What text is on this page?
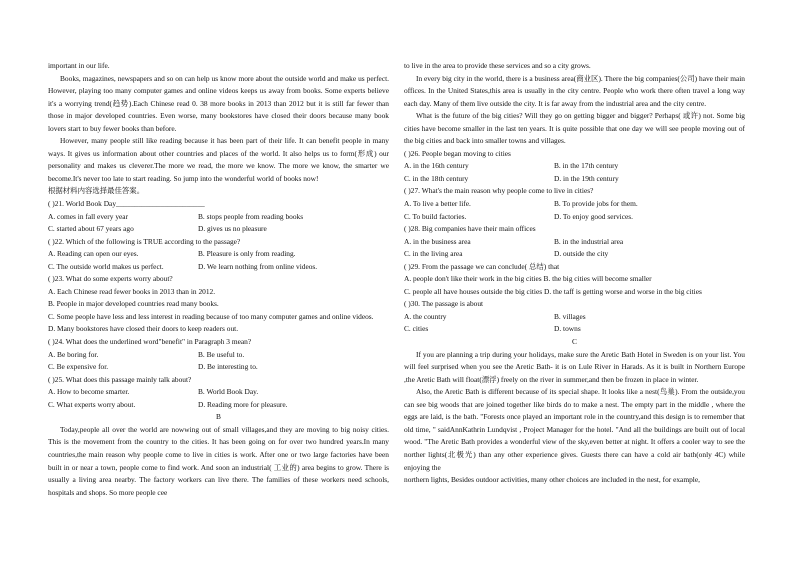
important in our life.

Books, magazines, newspapers and so on can help us know more about the outside world and make us perfect. However, playing too many computer games and online videos keeps us away from books. Some experts believe it's a worrying trend(趋势).Each Chinese read 0. 38 more books in 2013 than 2012 but it is still far fewer than those in major developed countries. Even worse, many bookstores have closed their doors because many book lovers start to buy fewer books than before.

However, many people still like reading because it has been part of their life. It can benefit people in many ways. It gives us information about other countries and places of the world. It also helps us to form(形成) our personality and makes us cleverer.The more we read, the more we know. The more we know, the smarter we become.It's never too late to start reading. So jump into the wonderful world of books now!

根据材料内容选择最佳答案。

( )21. World Book Day________________________

A. comes in fall every year	B. stops people from reading books
C. started about 67 years ago	D. gives us no pleasure

( )22. Which of the following is TRUE according to the passage?

A. Reading can open our eyes.	B. Pleasure is only from reading.
C. The outside world makes us perfect.	D. We learn nothing from online videos.

( )23. What do some experts worry about?

A. Each Chinese read fewer books in 2013 than in 2012.

B. People in major developed countries read many books.

C. Some people have less and less interest in reading because of too many computer games and online videos.

D. Many bookstores have closed their doors to keep readers out.

( )24. What does the underlined word"benefit" in Paragraph 3 mean?

A. Be boring for.	B. Be useful to.
C. Be expensive for.	D. Be interesting to.

( )25. What does this passage mainly talk about?

A. How to become smarter.	B. World Book Day.
C. What experts worry about.	D. Reading more for pleasure.

B

Today,people all over the world are nowwing out of small villages,and they are moving to big noisy cities. This is the movement from the country to the cities. It has been going on for over two hundred years.In many countries,the main reason why people come to live in cities is work. After one or two large factories have been built in or near a town, people come to find work. And soon an industrial( 工业的) area begins to grow. There is usually a living area nearby. The factory workers can live there. The families of these workers need schools, hospitals and shops. So more people cee

to live in the area to provide these services and so a city grows.

In every big city in the world, there is a business area(商业区). There the big companies(公司) have their main offices. In the United States,this area is usually in the city centre. People who work there often travel a long way each day. Many of them live outside the city. It is far away from the industrial area and the city centre.

What is the future of the big cities? Will they go on getting bigger and bigger? Perhaps( 或许) not. Some big cities have become smaller in the last ten years. It is quite possible that one day we will see people moving out of the big cities and back into smaller towns and villages.

( )26. People began moving to cities

A. in the 16th century	B. in the 17th century
C. in the 18th century	D. in the 19th century

( )27. What's the main reason why people come to live in cities?

A. To live a better life.	B. To provide jobs for them.
C. To build factories.	D. To enjoy good services.

( )28. Big companies have their main offices

A. in the business area	B. in the industrial area
C. in the living area	D. outside the city

( )29. From the passage we can conclude( 总结) that

A. people don't like their work in the big cities B. the big cities will become smaller

C. people all have houses outside the big cities D. the taff is getting worse and worse in the big cities

( )30. The passage is about

A. the country	B. villages
C. cities	D. towns

C

If you are planning a trip during your holidays, make sure the Aretic Bath Hotel in Sweden is on your list. You will feel surprised when you see the Aretic Bath- it is on Lule River in Harads. As it is built in Northern Europe ,the Aretic Bath will float(漂浮) freely on the river in summer,and then be frozen in place in winter.

Also, the Aretic Bath is different because of its special shape. It looks like a nest(鸟巢). From the outside,you can see big woods that are joined together like birds do to make a nest. The empty part in the middle , where the eggs are laid, is the bath. "Forests once played an important role in the country,and this design is to remember that old time, " saidAnnKathrin Lundqvist , Project Manager for the hotel. "And all the buildings are built out of local wood. "The Aretic Bath provides a wonderful view of the sky,even better at night. It offers a cooler way to see the norther lights(北极光) than any other experience gives. Guests there can have a cold air bath(only 4C) while enjoying the

northern lights, Besides outdoor activities, many other choices are included in the nest, for example,
